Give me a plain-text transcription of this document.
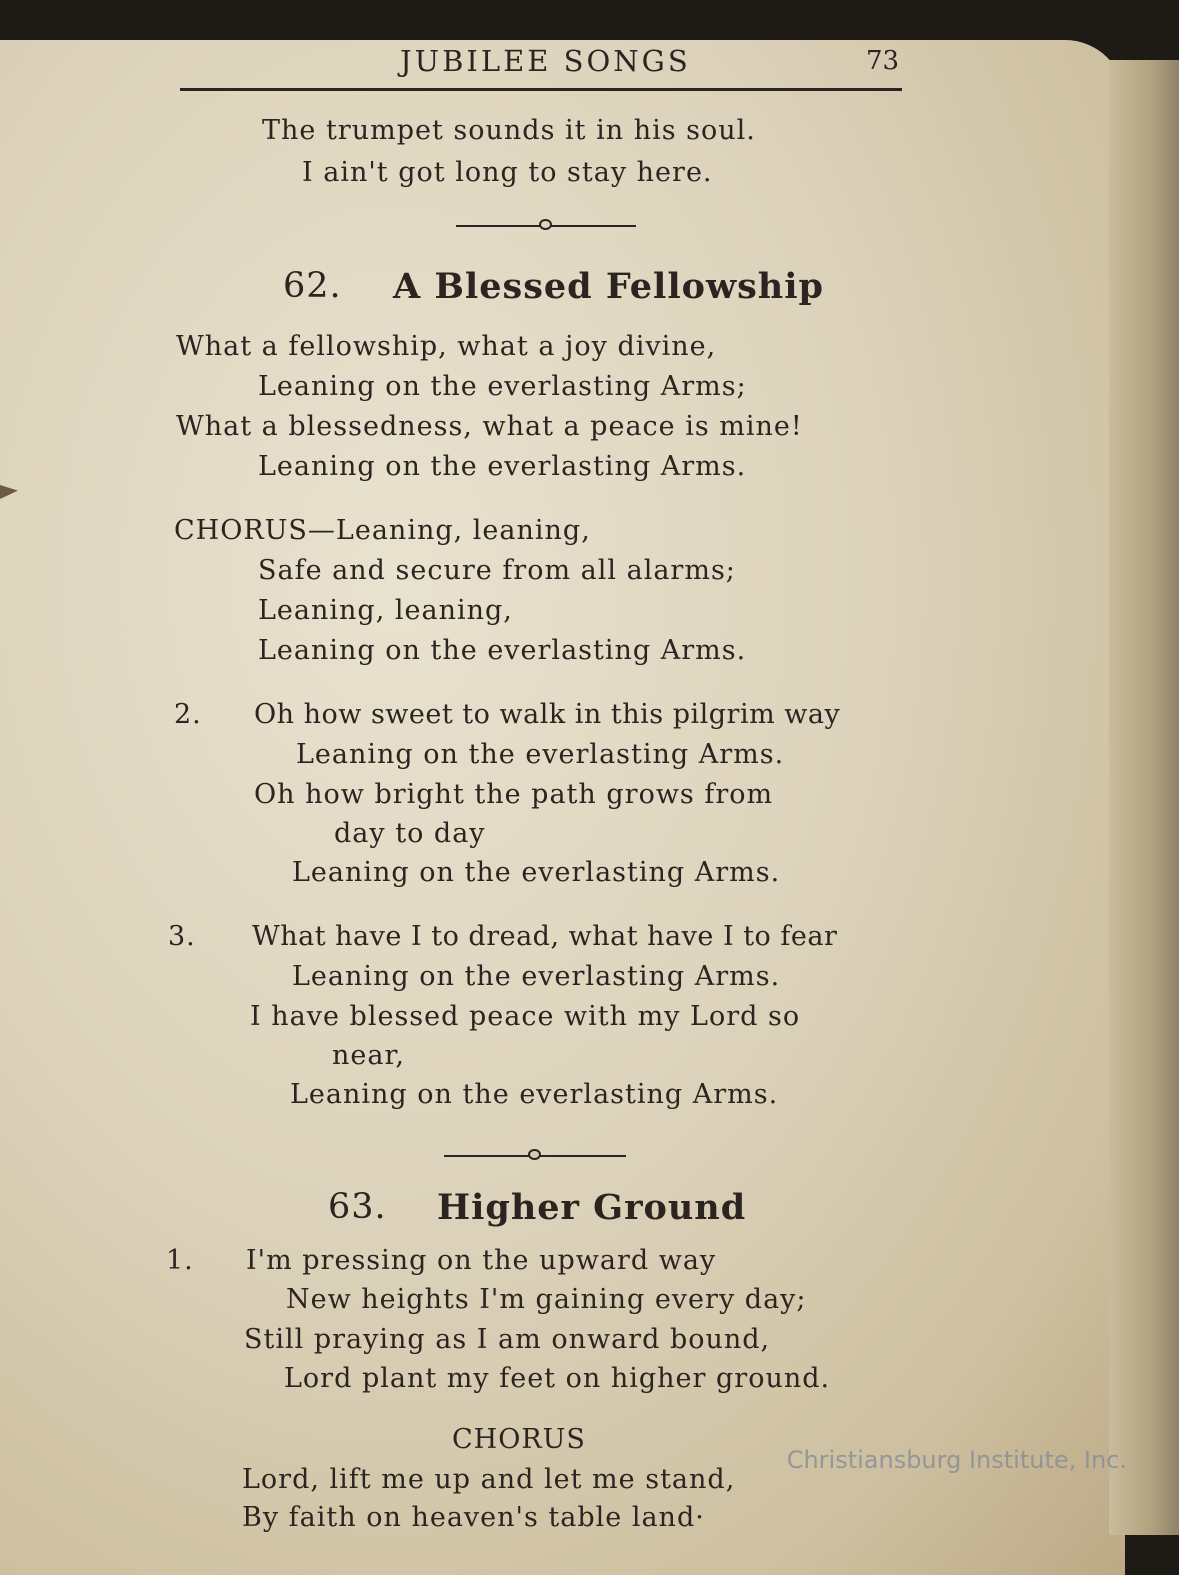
JUBILEE SONGS	73
The trumpet sounds it in his soul.
I ain't got long to stay here.
62. A Blessed Fellowship
What a fellowship, what a joy divine,
Leaning on the everlasting Arms;
What a blessedness, what a peace is mine!
Leaning on the everlasting Arms.
CHORUS—Leaning, leaning,
Safe and secure from all alarms;
Leaning, leaning,
Leaning on the everlasting Arms.
2. Oh how sweet to walk in this pilgrim way
Leaning on the everlasting Arms.
Oh how bright the path grows from
day to day
Leaning on the everlasting Arms.
3. What have I to dread, what have I to fear
Leaning on the everlasting Arms.
I have blessed peace with my Lord so
near,
Leaning on the everlasting Arms.
63. Higher Ground
1. I'm pressing on the upward way
New heights I'm gaining every day;
Still praying as I am onward bound,
Lord plant my feet on higher ground.
CHORUS
Lord, lift me up and let me stand,
By faith on heaven's table land·
Christiansburg Institute, Inc.
